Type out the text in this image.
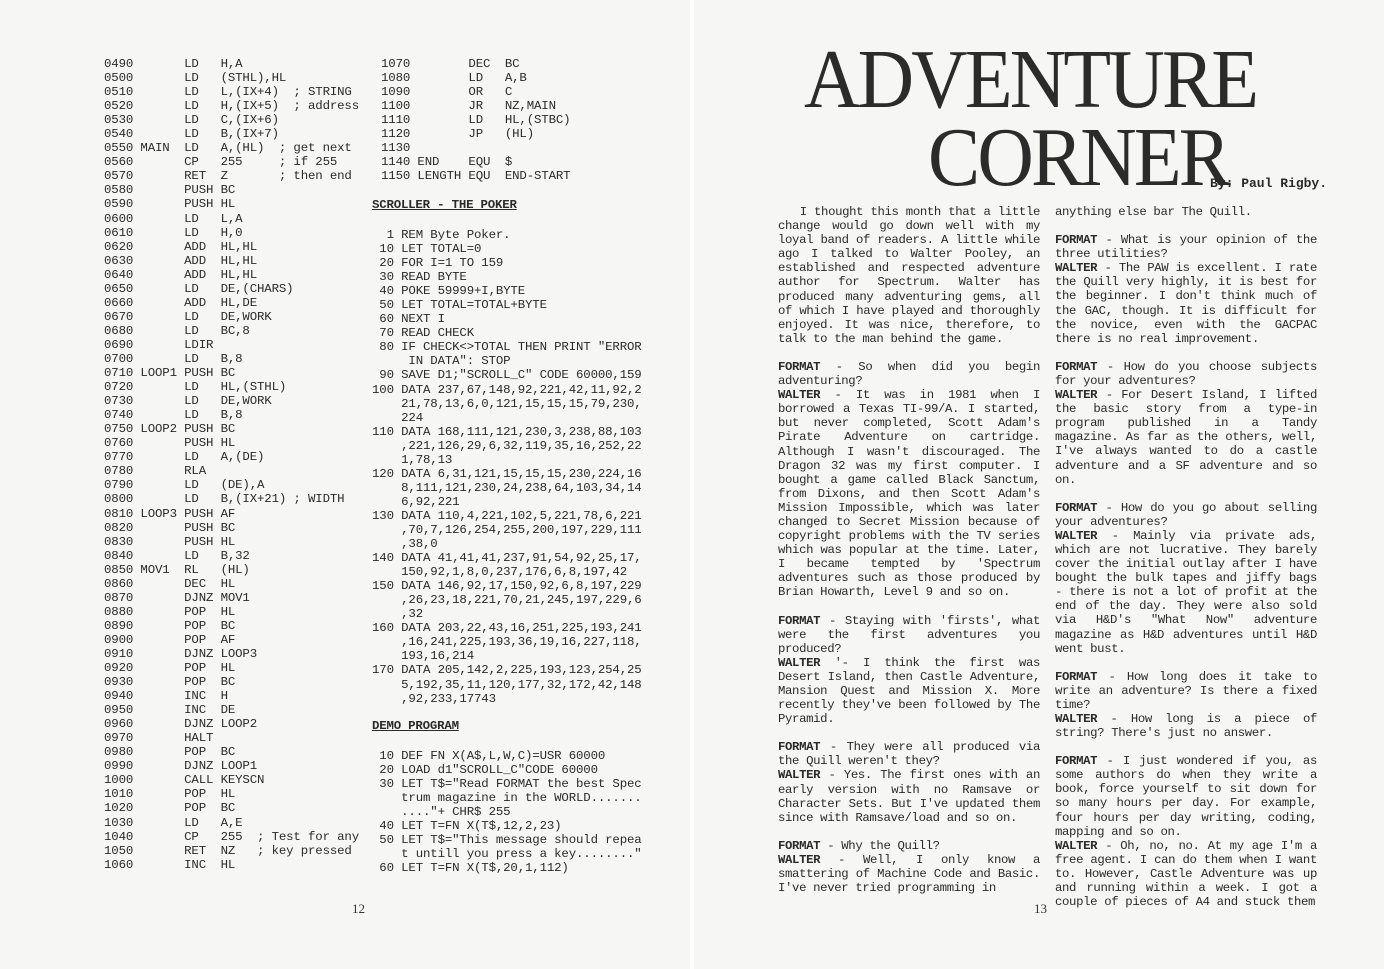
0490       LD   H,A
0500       LD   (STHL),HL
0510       LD   L,(IX+4)  ; STRING
0520       LD   H,(IX+5)  ; address
0530       LD   C,(IX+6)
0540       LD   B,(IX+7)
0550 MAIN  LD   A,(HL)  ; get next
0560       CP   255     ; if 255
0570       RET  Z       ; then end
0580       PUSH BC
0590       PUSH HL
0600       LD   L,A
0610       LD   H,0
0620       ADD  HL,HL
0630       ADD  HL,HL
0640       ADD  HL,HL
0650       LD   DE,(CHARS)
0660       ADD  HL,DE
0670       LD   DE,WORK
0680       LD   BC,8
0690       LDIR
0700       LD   B,8
0710 LOOP1 PUSH BC
0720       LD   HL,(STHL)
0730       LD   DE,WORK
0740       LD   B,8
0750 LOOP2 PUSH BC
0760       PUSH HL
0770       LD   A,(DE)
0780       RLA
0790       LD   (DE),A
0800       LD   B,(IX+21) ; WIDTH
0810 LOOP3 PUSH AF
0820       PUSH BC
0830       PUSH HL
0840       LD   B,32
0850 MOV1  RL   (HL)
0860       DEC  HL
0870       DJNZ MOV1
0880       POP  HL
0890       POP  BC
0900       POP  AF
0910       DJNZ LOOP3
0920       POP  HL
0930       POP  BC
0940       INC  H
0950       INC  DE
0960       DJNZ LOOP2
0970       HALT
0980       POP  BC
0990       DJNZ LOOP1
1000       CALL KEYSCN
1010       POP  HL
1020       POP  BC
1030       LD   A,E
1040       CP   255  ; Test for any
1050       RET  NZ   ; key pressed
1060       INC  HL
1070        DEC  BC
1080        LD   A,B
1090        OR   C
1100        JR   NZ,MAIN
1110        LD   HL,(STBC)
1120        JP   (HL)
1130
1140 END    EQU  $
1150 LENGTH EQU  END-START
SCROLLER - THE POKER
1 REM Byte Poker.
10 LET TOTAL=0
20 FOR I=1 TO 159
30 READ BYTE
40 POKE 59999+I,BYTE
50 LET TOTAL=TOTAL+BYTE
60 NEXT I
70 READ CHECK
80 IF CHECK<>TOTAL THEN PRINT "ERROR
IN DATA": STOP
90 SAVE D1;"SCROLL_C" CODE 60000,159
100 DATA 237,67,148,92,221,42,11,92,2
21,78,13,6,0,121,15,15,15,79,230,
224
110 DATA 168,111,121,230,3,238,88,103
,221,126,29,6,32,119,35,16,252,22
1,78,13
120 DATA 6,31,121,15,15,15,230,224,16
8,111,121,230,24,238,64,103,34,14
6,92,221
130 DATA 110,4,221,102,5,221,78,6,221
,70,7,126,254,255,200,197,229,111
,38,0
140 DATA 41,41,41,237,91,54,92,25,17,
150,92,1,8,0,237,176,6,8,197,42
150 DATA 146,92,17,150,92,6,8,197,229
,26,23,18,221,70,21,245,197,229,6
,32
160 DATA 203,22,43,16,251,225,193,241
,16,241,225,193,36,19,16,227,118,
193,16,214
170 DATA 205,142,2,225,193,123,254,25
5,192,35,11,120,177,32,172,42,148
,92,233,17743
DEMO PROGRAM
10 DEF FN X(A$,L,W,C)=USR 60000
20 LOAD d1"SCROLL_C"CODE 60000
30 LET T$="Read FORMAT the best Spec
trum magazine in the WORLD.......
...."+ CHR$ 255
40 LET T=FN X(T$,12,2,23)
50 LET T$="This message should repea
t untill you press a key........"
60 LET T=FN X(T$,20,1,112)
12
ADVENTURE
CORNER
By: Paul Rigby.

I thought this month that a little change would go down well with my loyal band of readers. A little while ago I talked to Walter Pooley, an established and respected adventure author for Spectrum. Walter has produced many adventuring gems, all of which I have played and thoroughly enjoyed. It was nice, therefore, to talk to the man behind the game.

FORMAT - So when did you begin adventuring?
WALTER - It was in 1981 when I borrowed a Texas TI-99/A. I started, but never completed, Scott Adam's Pirate Adventure on cartridge. Although I wasn't discouraged. The Dragon 32 was my first computer. I bought a game called Black Sanctum, from Dixons, and then Scott Adam's Mission Impossible, which was later changed to Secret Mission because of copyright problems with the TV series which was popular at the time. Later, I became tempted by 'Spectrum adventures such as those produced by Brian Howarth, Level 9 and so on.

FORMAT - Staying with 'firsts', what were the first adventures you produced?
WALTER '- I think the first was Desert Island, then Castle Adventure, Mansion Quest and Mission X. More recently they've been followed by The Pyramid.

FORMAT - They were all produced via the Quill weren't they?
WALTER - Yes. The first ones with an early version with no Ramsave or Character Sets. But I've updated them since with Ramsave/load and so on.

FORMAT - Why the Quill?
WALTER - Well, I only know a smattering of Machine Code and Basic. I've never tried programming in

anything else bar The Quill.

FORMAT - What is your opinion of the three utilities?
WALTER - The PAW is excellent. I rate the Quill very highly, it is best for the beginner. I don't think much of the GAC, though. It is difficult for the novice, even with the GACPAC there is no real improvement.

FORMAT - How do you choose subjects for your adventures?
WALTER - For Desert Island, I lifted the basic story from a type-in program published in a Tandy magazine. As far as the others, well, I've always wanted to do a castle adventure and a SF adventure and so on.

FORMAT - How do you go about selling your adventures?
WALTER - Mainly via private ads, which are not lucrative. They barely cover the initial outlay after I have bought the bulk tapes and jiffy bags - there is not a lot of profit at the end of the day. They were also sold via H&D's "What Now" adventure magazine as H&D adventures until H&D went bust.

FORMAT - How long does it take to write an adventure? Is there a fixed time?
WALTER - How long is a piece of string? There's just no answer.

FORMAT - I just wondered if you, as some authors do when they write a book, force yourself to sit down for so many hours per day. For example, four hours per day writing, coding, mapping and so on.
WALTER - Oh, no, no. At my age I'm a free agent. I can do them when I want to. However, Castle Adventure was up and running within a week. I got a couple of pieces of A4 and stuck them

13
